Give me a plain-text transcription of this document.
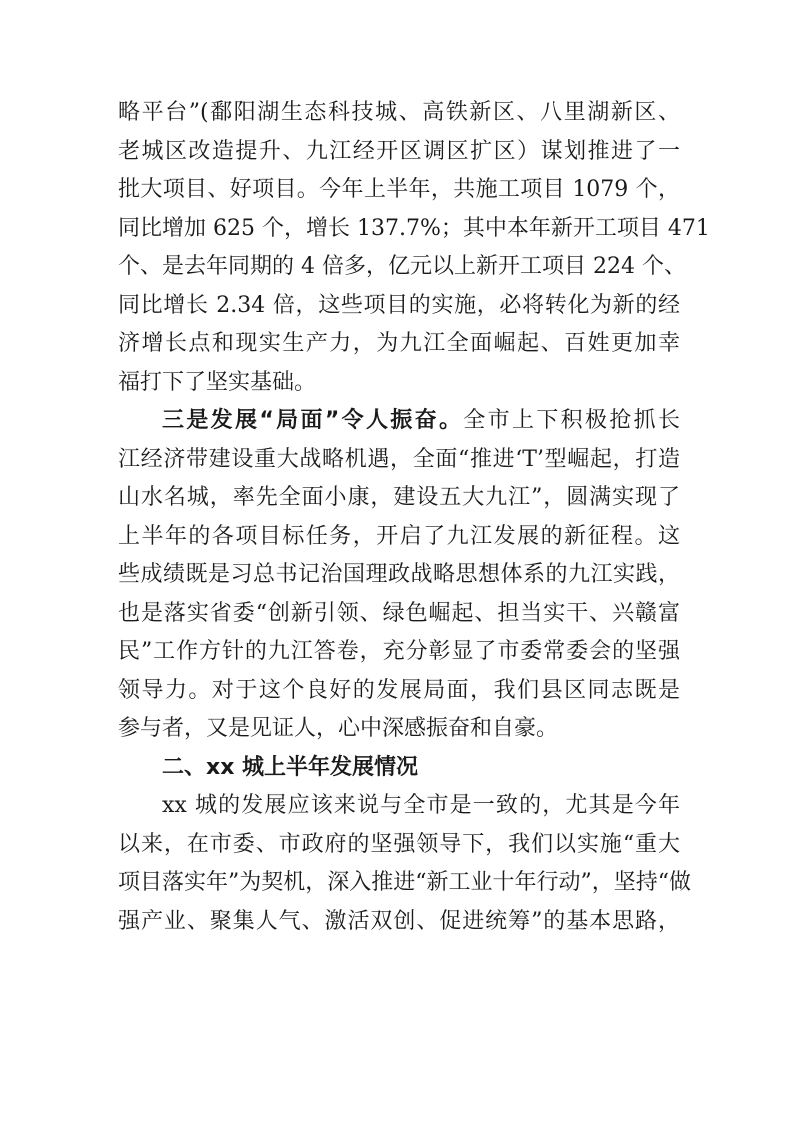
略平台”(鄱阳湖生态科技城、高铁新区、八里湖新区、
老城区改造提升、九江经开区调区扩区）谋划推进了一
批大项目、好项目。今年上半年，共施工项目 1079 个，
同比增加 625 个，增长 137.7%；其中本年新开工项目 471
个、是去年同期的 4 倍多，亿元以上新开工项目 224 个、
同比增长 2.34 倍，这些项目的实施，必将转化为新的经
济增长点和现实生产力，为九江全面崛起、百姓更加幸
福打下了坚实基础。
三是发展“局面”令人振奋。全市上下积极抢抓长
江经济带建设重大战略机遇，全面“推进‘T’型崛起，打造
山水名城，率先全面小康，建设五大九江”，圆满实现了
上半年的各项目标任务，开启了九江发展的新征程。这
些成绩既是习总书记治国理政战略思想体系的九江实践，
也是落实省委“创新引领、绿色崛起、担当实干、兴赣富
民”工作方针的九江答卷，充分彰显了市委常委会的坚强
领导力。对于这个良好的发展局面，我们县区同志既是
参与者，又是见证人，心中深感振奋和自豪。
二、xx 城上半年发展情况
xx 城的发展应该来说与全市是一致的，尤其是今年
以来，在市委、市政府的坚强领导下，我们以实施“重大
项目落实年”为契机，深入推进“新工业十年行动”，坚持“做
强产业、聚集人气、激活双创、促进统筹”的基本思路，
